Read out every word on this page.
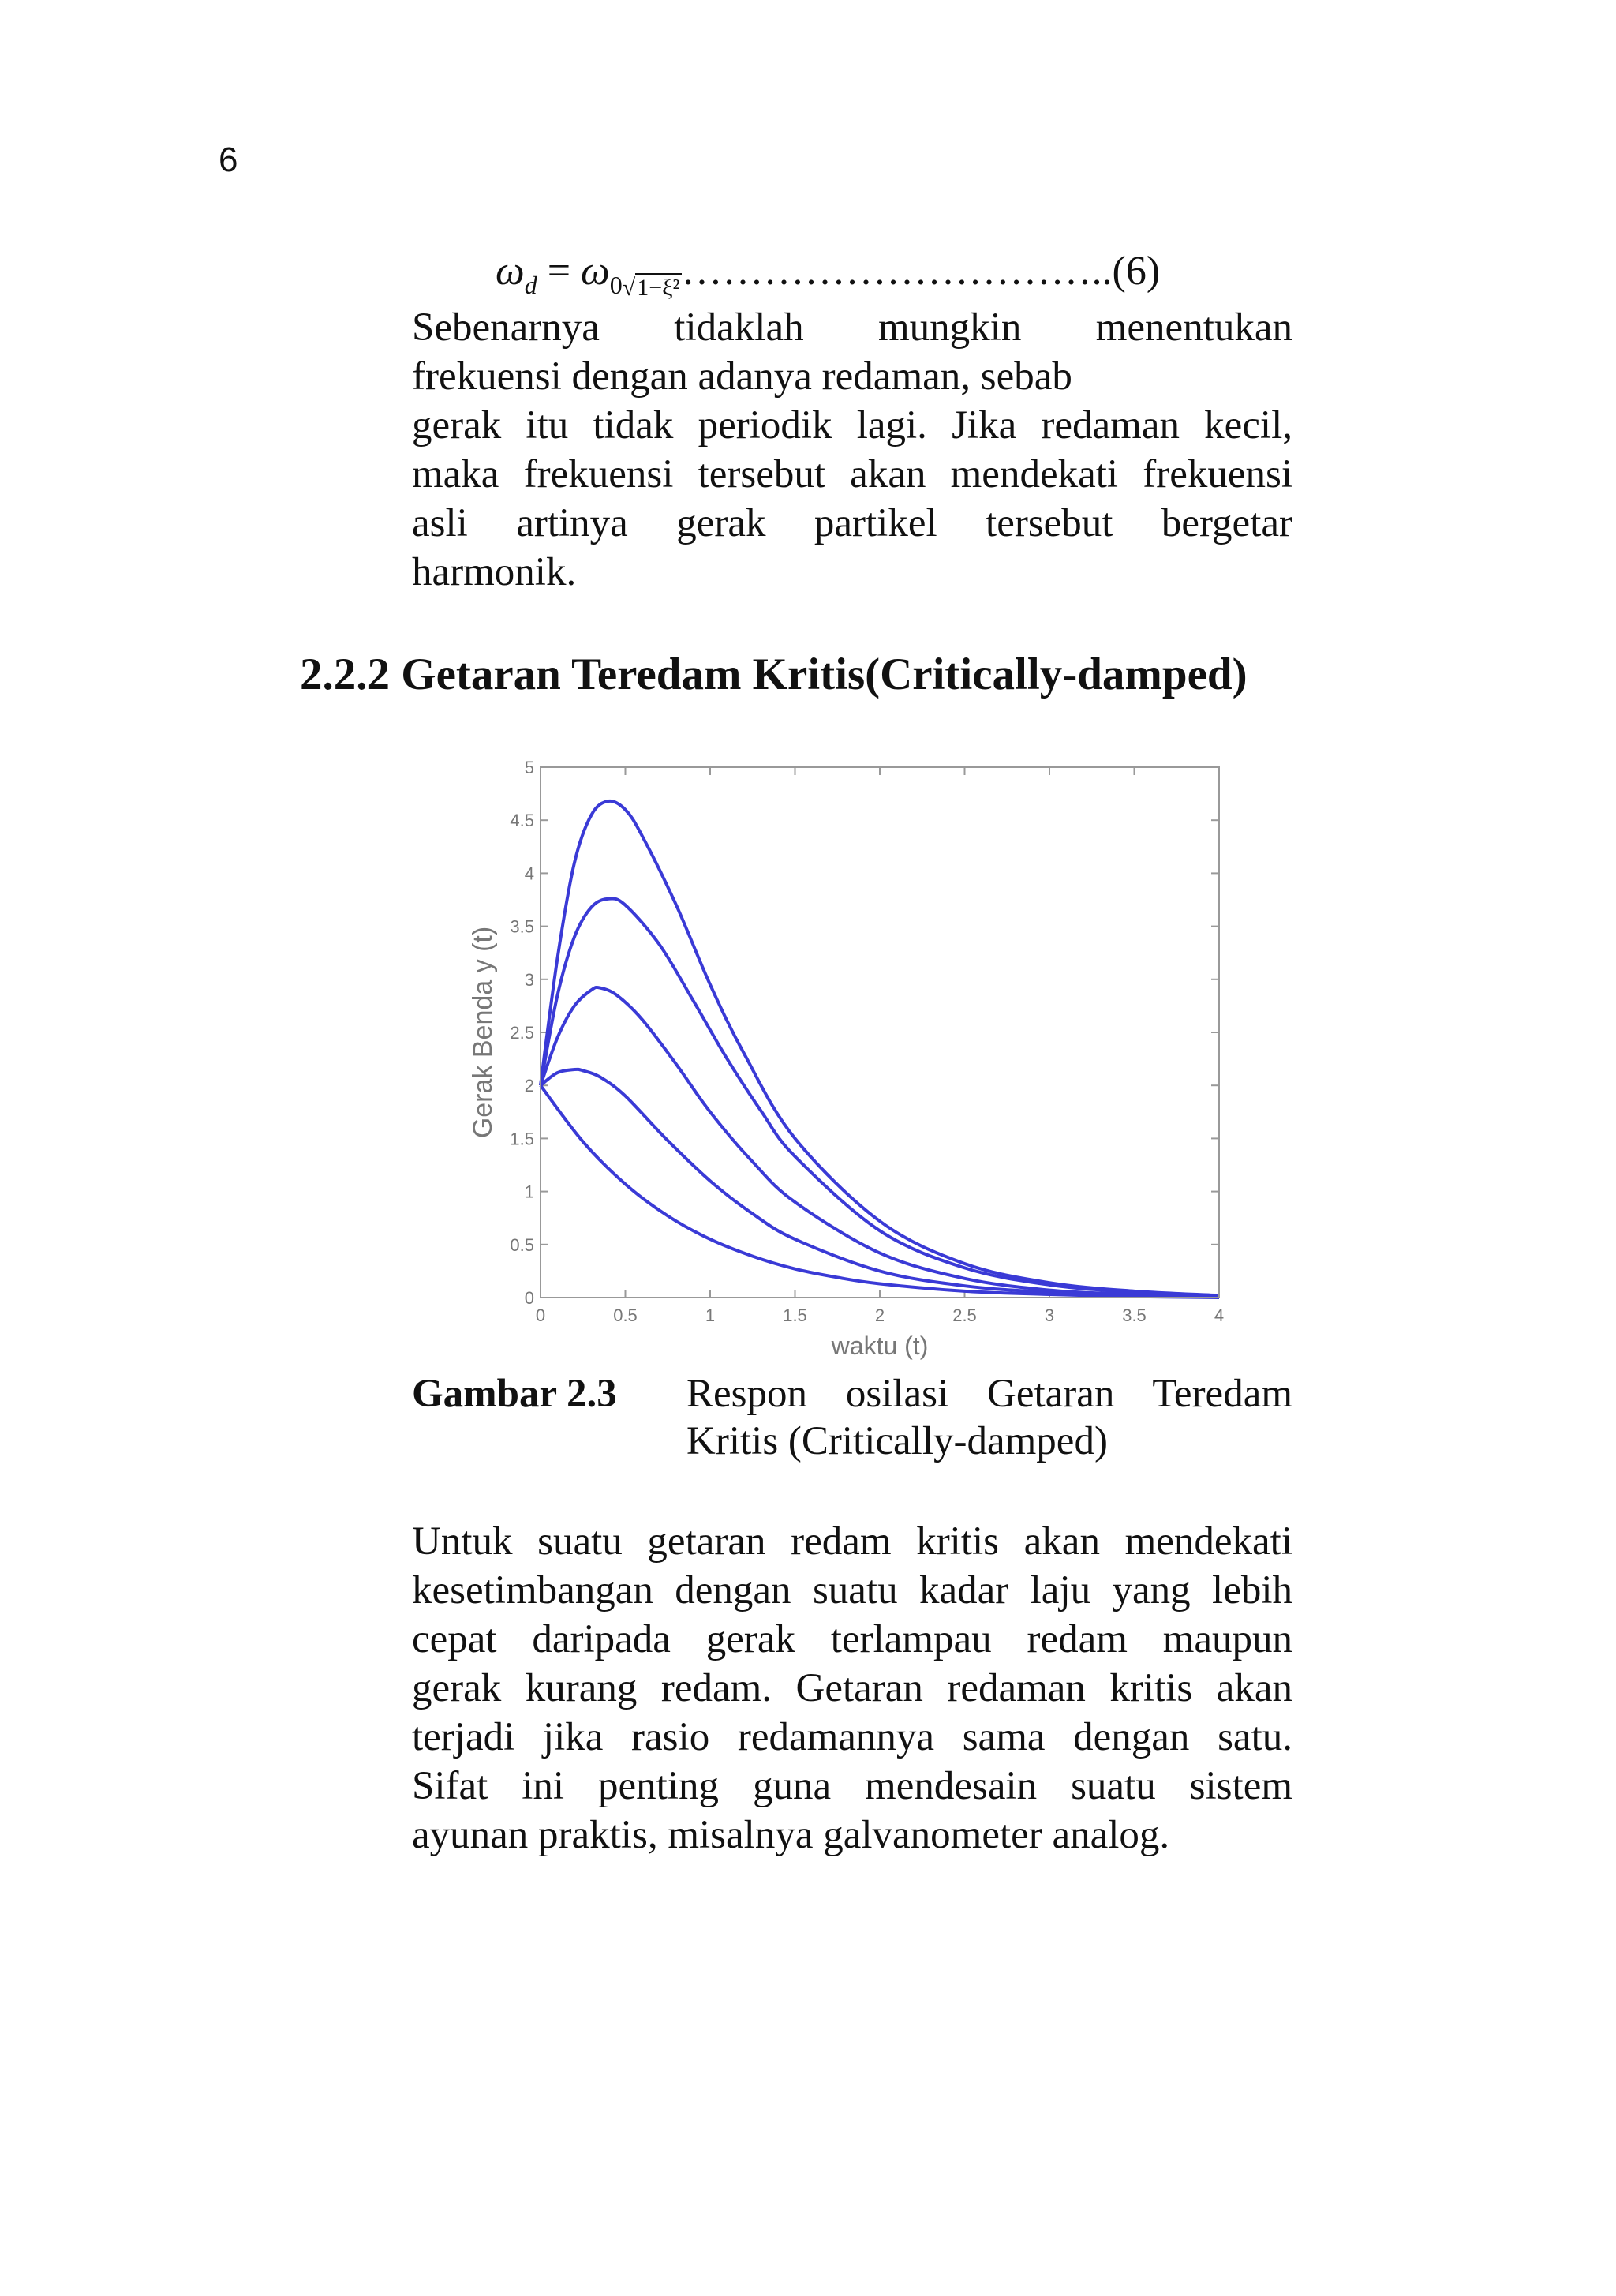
6
$\omega_d$ = $\omega_{0√1-\xi^2}\dots\dots\dots\dots\dots\dots\dots\dots\dots\dots..(6)$

Sebenarnya tidaklah mungkin menentukan

frekuensi dengan adanya redaman, sebab

gerak itu tidak periodik lagi. Jika redaman kecil,

maka frekuensi tersebut akan mendekati frekuensi

asli artinya gerak partikel tersebut bergetar

harmonik.

2.2.2 Getaran Teredam Kritis(Critically-damped)
Gerak Benda y (t)
waktu (t)
0
0.5
1
1.5
2
2.5
3
3.5
4
4.5
5
0	0.5	1	1.5	2	2.5	3	3.5	4
Gambar 2.3	Respon osilasi Getaran Teredam
Kritis (Critically-damped)

Untuk suatu getaran redam kritis akan mendekati

kesetimbangan dengan suatu kadar laju yang lebih

cepat daripada gerak terlampau redam maupun

gerak kurang redam. Getaran redaman kritis akan

terjadi jika rasio redamannya sama dengan satu.

Sifat ini penting guna mendesain suatu sistem

ayunan praktis, misalnya galvanometer analog.
